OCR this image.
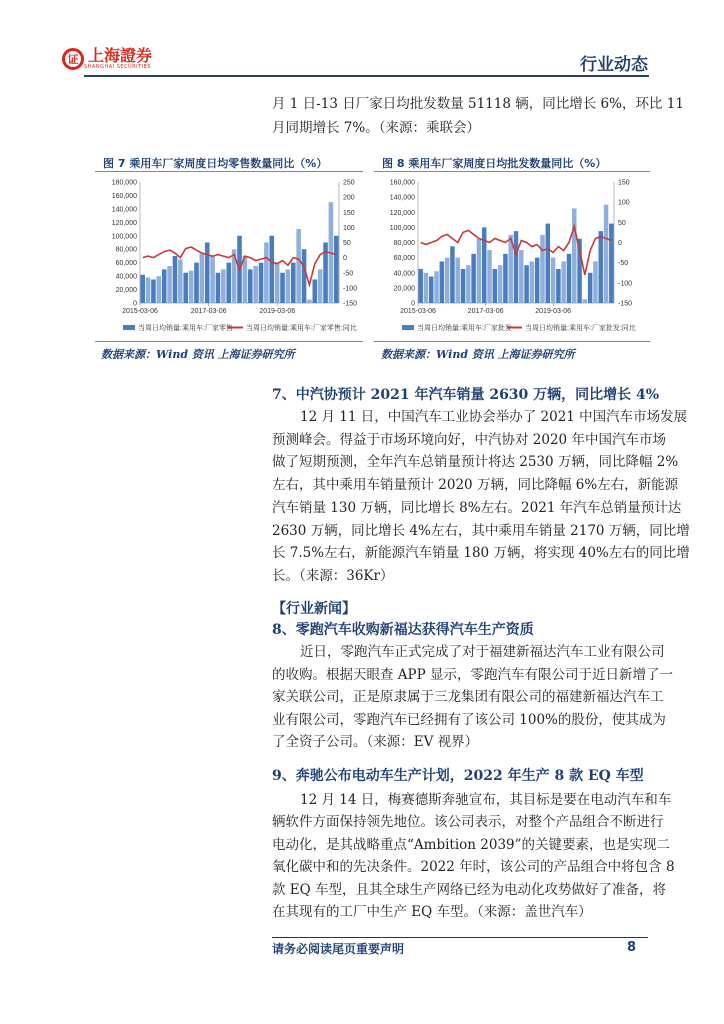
证 上海證券
SHANGHAI SECURITIES	行业动态
月 1 日-13 日厂家日均批发数量 51118 辆，同比增长 6%，环比 11
月同期增长 7%。（来源：乘联会）
图 7 乘用车厂家周度日均零售数量同比（%）	图 8 乘用车厂家周度日均批发数量同比（%）
180,000
160,000
140,000
120,000
100,000
80,000
60,000
40,000
20,000
0
250
200
150
100
50
0
-50
-100
-150
2015-03-06	2017-03-06	2019-03-06
当周日均销量:乘用车:厂家零售 当周日均销量:乘用车:厂家零售:同比
160,000
140,000
120,000
100,000
80,000
60,000
40,000
20,000
0
150
100
50
0
-50
-100
-150
2015-03-06	2017-03-06	2019-03-06
当周日均销量:乘用车:厂家批发 当周日均销量:乘用车:厂家批发:同比
数据来源：Wind 资讯 上海证券研究所	数据来源：Wind 资讯 上海证券研究所
7、中汽协预计 2021 年汽车销量 2630 万辆，同比增长 4%
12 月 11 日，中国汽车工业协会举办了 2021 中国汽车市场发展
预测峰会。得益于市场环境向好，中汽协对 2020 年中国汽车市场
做了短期预测，全年汽车总销量预计将达 2530 万辆，同比降幅 2%
左右，其中乘用车销量预计 2020 万辆，同比降幅 6%左右，新能源
汽车销量 130 万辆，同比增长 8%左右。2021 年汽车总销量预计达
2630 万辆，同比增长 4%左右，其中乘用车销量 2170 万辆，同比增
长 7.5%左右，新能源汽车销量 180 万辆，将实现 40%左右的同比增
长。（来源：36Kr）
【行业新闻】
8、零跑汽车收购新福达获得汽车生产资质
近日，零跑汽车正式完成了对于福建新福达汽车工业有限公司
的收购。根据天眼查 APP 显示，零跑汽车有限公司于近日新增了一
家关联公司，正是原隶属于三龙集团有限公司的福建新福达汽车工
业有限公司，零跑汽车已经拥有了该公司 100%的股份，使其成为
了全资子公司。（来源：EV 视界）
9、奔驰公布电动车生产计划，2022 年生产 8 款 EQ 车型
12 月 14 日，梅赛德斯奔驰宣布，其目标是要在电动汽车和车
辆软件方面保持领先地位。该公司表示，对整个产品组合不断进行
电动化，是其战略重点“Ambition 2039”的关键要素，也是实现二
氧化碳中和的先决条件。2022 年时，该公司的产品组合中将包含 8
款 EQ 车型，且其全球生产网络已经为电动化攻势做好了准备，将
在其现有的工厂中生产 EQ 车型。（来源：盖世汽车）
请务必阅读尾页重要声明	8
